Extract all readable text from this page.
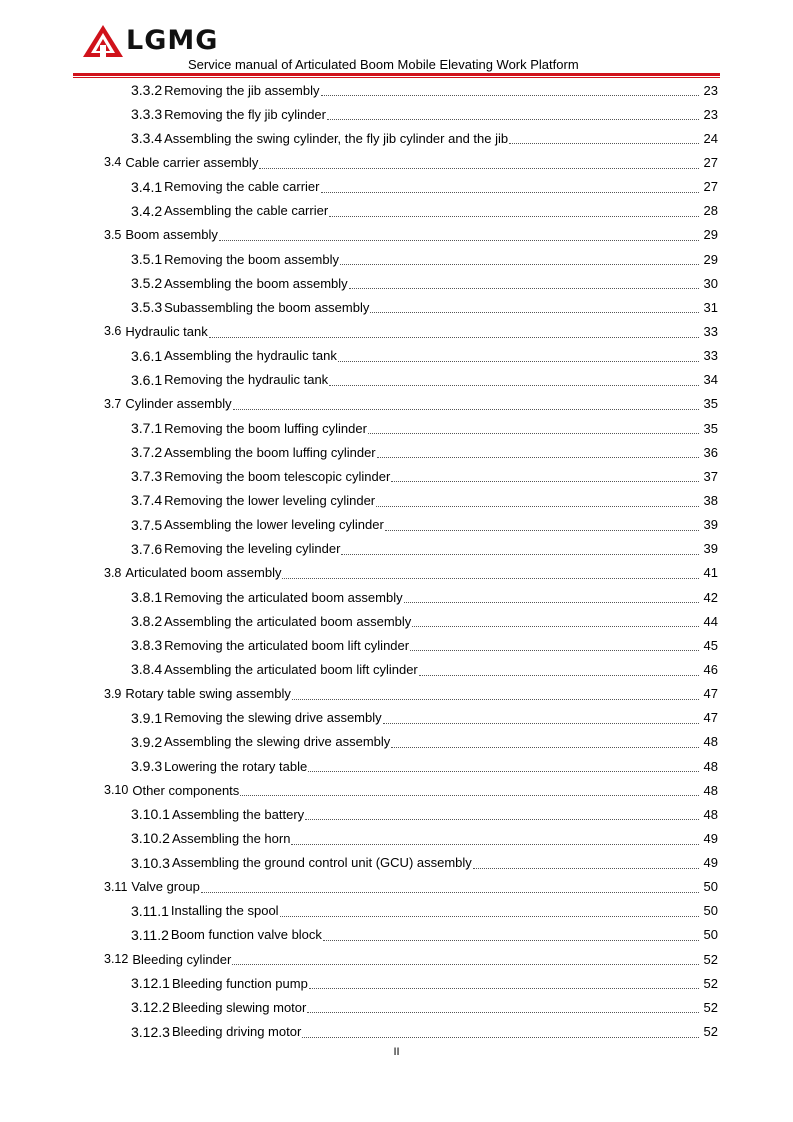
LGMG
Service manual of Articulated Boom Mobile Elevating Work Platform
3.3.2 Removing the jib assembly	23
3.3.3 Removing the fly jib cylinder	23
3.3.4 Assembling the swing cylinder, the fly jib cylinder and the jib	24
3.4 Cable carrier assembly	27
3.4.1 Removing the cable carrier	27
3.4.2 Assembling the cable carrier	28
3.5 Boom assembly	29
3.5.1 Removing the boom assembly	29
3.5.2 Assembling the boom assembly	30
3.5.3 Subassembling the boom assembly	31
3.6 Hydraulic tank	33
3.6.1 Assembling the hydraulic tank	33
3.6.1 Removing the hydraulic tank	34
3.7 Cylinder assembly	35
3.7.1 Removing the boom luffing cylinder	35
3.7.2 Assembling the boom luffing cylinder	36
3.7.3 Removing the boom telescopic cylinder	37
3.7.4 Removing the lower leveling cylinder	38
3.7.5 Assembling the lower leveling cylinder	39
3.7.6 Removing the leveling cylinder	39
3.8 Articulated boom assembly	41
3.8.1 Removing the articulated boom assembly	42
3.8.2 Assembling the articulated boom assembly	44
3.8.3 Removing the articulated boom lift cylinder	45
3.8.4 Assembling the articulated boom lift cylinder	46
3.9 Rotary table swing assembly	47
3.9.1 Removing the slewing drive assembly	47
3.9.2 Assembling the slewing drive assembly	48
3.9.3 Lowering the rotary table	48
3.10 Other components	48
3.10.1 Assembling the battery	48
3.10.2 Assembling the horn	49
3.10.3 Assembling the ground control unit (GCU) assembly	49
3.11 Valve group	50
3.11.1 Installing the spool	50
3.11.2 Boom function valve block	50
3.12 Bleeding cylinder	52
3.12.1 Bleeding function pump	52
3.12.2 Bleeding slewing motor	52
3.12.3 Bleeding driving motor	52
II
